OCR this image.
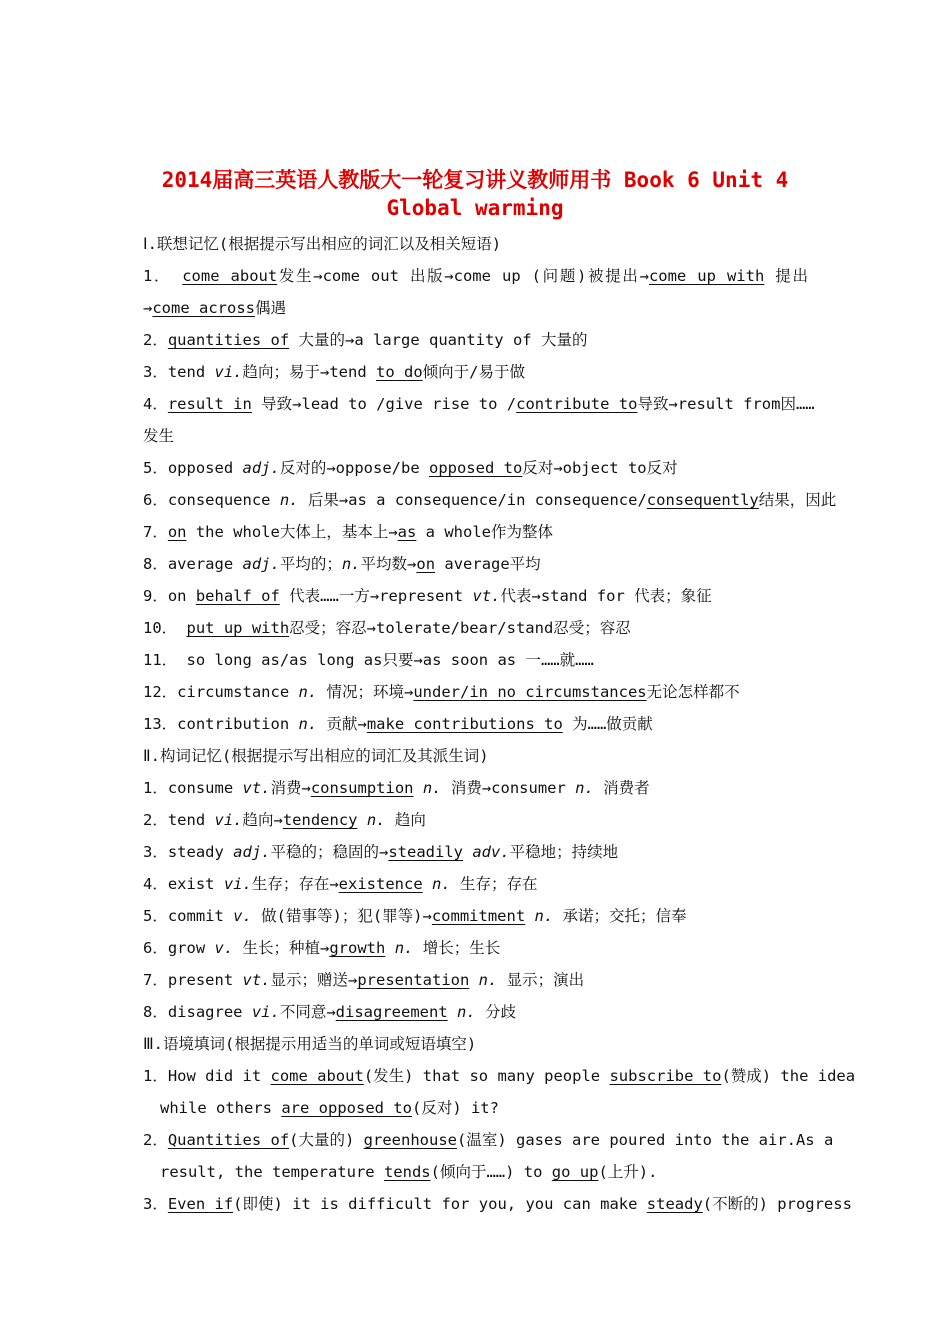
2014届高三英语人教版大一轮复习讲义教师用书 Book 6 Unit 4
Global warming
Ⅰ.联想记忆(根据提示写出相应的词汇以及相关短语)
1． come about发生→come out 出版→come up (问题)被提出→come up with 提出
→come across偶遇
2．quantities of 大量的→a large quantity of 大量的
3．tend vi.趋向；易于→tend to do倾向于/易于做
4．result in 导致→lead to /give rise to /contribute to导致→result from因……
发生
5．opposed adj.反对的→oppose/be opposed to反对→object to反对
6．consequence n. 后果→as a consequence/in consequence/consequently结果，因此
7．on the whole大体上，基本上→as a whole作为整体
8．average adj.平均的；n.平均数→on average平均
9．on behalf of 代表……一方→represent vt.代表→stand for 代表；象征
10． put up with忍受；容忍→tolerate/bear/stand忍受；容忍
11． so long as/as long as只要→as soon as 一……就……
12．circumstance n. 情况；环境→under/in no circumstances无论怎样都不
13．contribution n. 贡献→make contributions to 为……做贡献
Ⅱ.构词记忆(根据提示写出相应的词汇及其派生词)
1．consume vt.消费→consumption n. 消费→consumer n. 消费者
2．tend vi.趋向→tendency n. 趋向
3．steady adj.平稳的；稳固的→steadily adv.平稳地；持续地
4．exist vi.生存；存在→existence n. 生存；存在
5．commit v. 做(错事等)；犯(罪等)→commitment n. 承诺；交托；信奉
6．grow v. 生长；种植→growth n. 增长；生长
7．present vt.显示；赠送→presentation n. 显示；演出
8．disagree vi.不同意→disagreement n. 分歧
Ⅲ.语境填词(根据提示用适当的单词或短语填空)
1．How did it come about(发生) that so many people subscribe to(赞成) the idea
while others are opposed to(反对) it?
2．Quantities of(大量的) greenhouse(温室) gases are poured into the air.As a
result, the temperature tends(倾向于……) to go up(上升).
3．Even if(即使) it is difficult for you, you can make steady(不断的) progress
